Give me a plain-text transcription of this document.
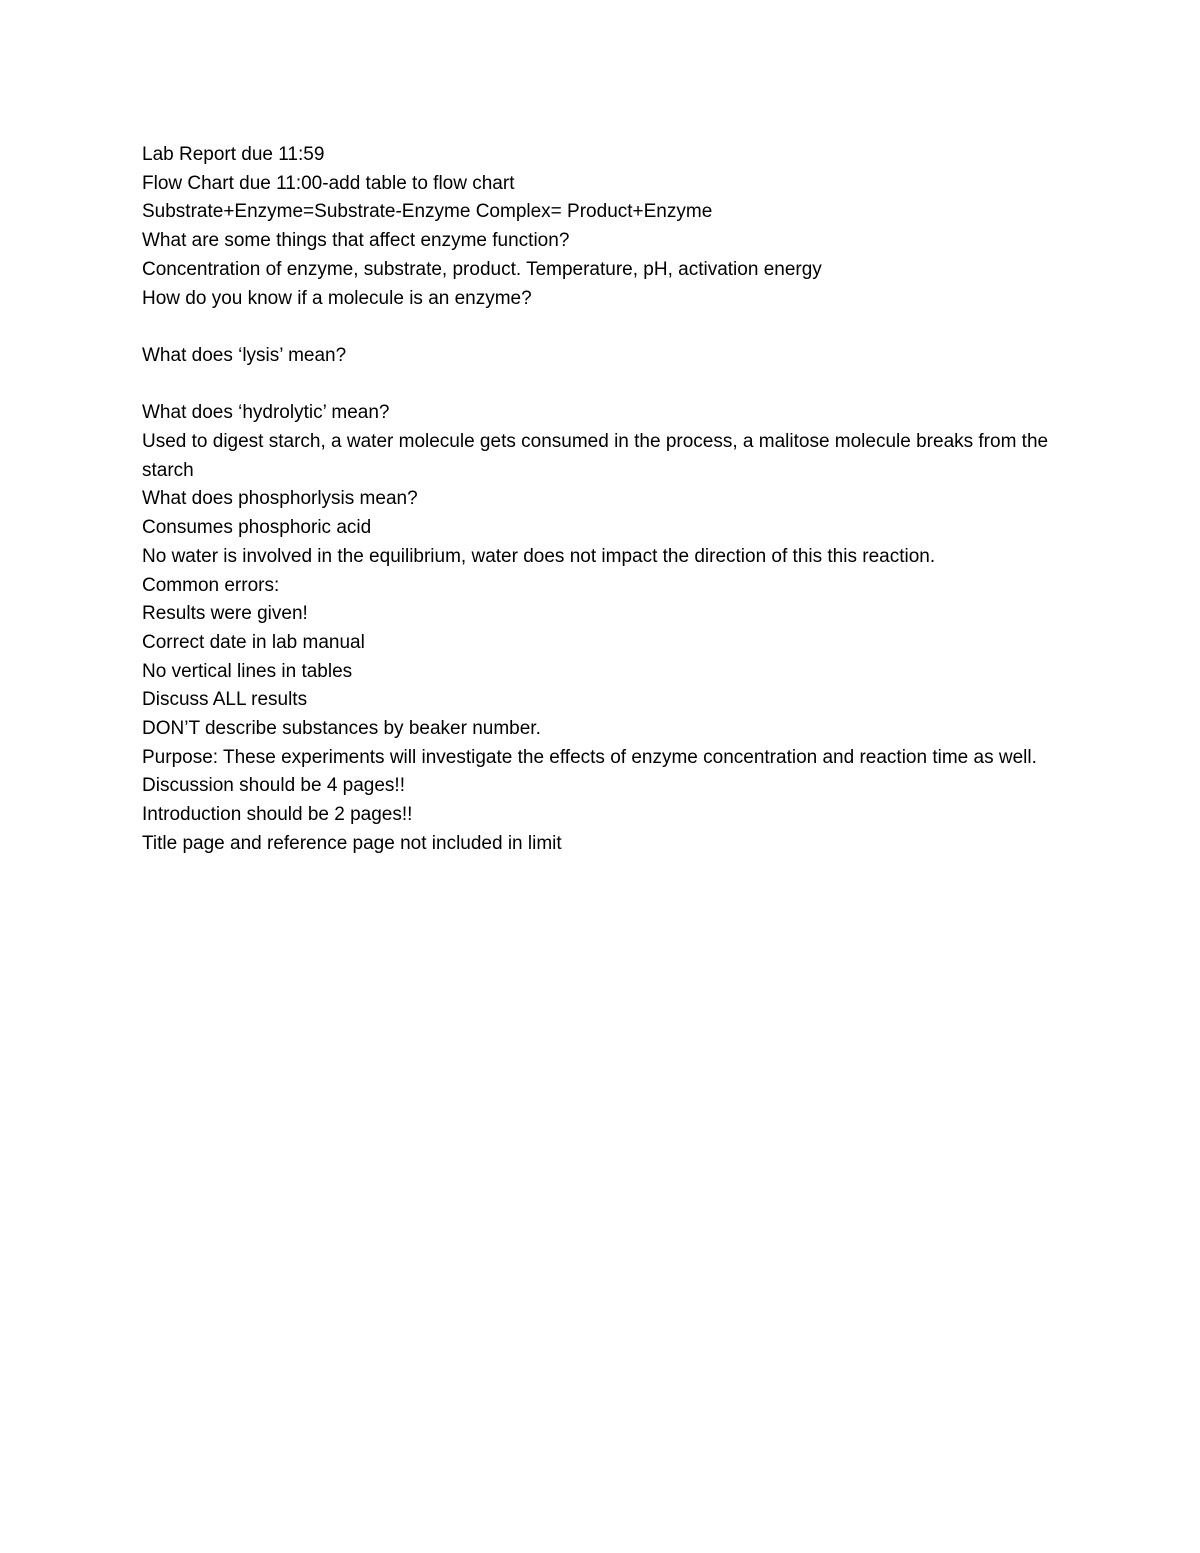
Lab Report due 11:59

Flow Chart due 11:00-add table to flow chart

Substrate+Enzyme=Substrate-Enzyme Complex= Product+Enzyme

What are some things that affect enzyme function?

Concentration of enzyme, substrate, product. Temperature, pH, activation energy

How do you know if a molecule is an enzyme?

What does ‘lysis’ mean?

What does ‘hydrolytic’ mean?

Used to digest starch, a water molecule gets consumed in the process, a malitose molecule breaks from the starch

What does phosphorlysis mean?

Consumes phosphoric acid

No water is involved in the equilibrium, water does not impact the direction of this this reaction.

Common errors:

Results were given!

Correct date in lab manual

No vertical lines in tables

Discuss ALL results

DON’T describe substances by beaker number.

Purpose: These experiments will investigate the effects of enzyme concentration and reaction time as well.

Discussion should be 4 pages!!

Introduction should be 2 pages!!

Title page and reference page not included in limit
